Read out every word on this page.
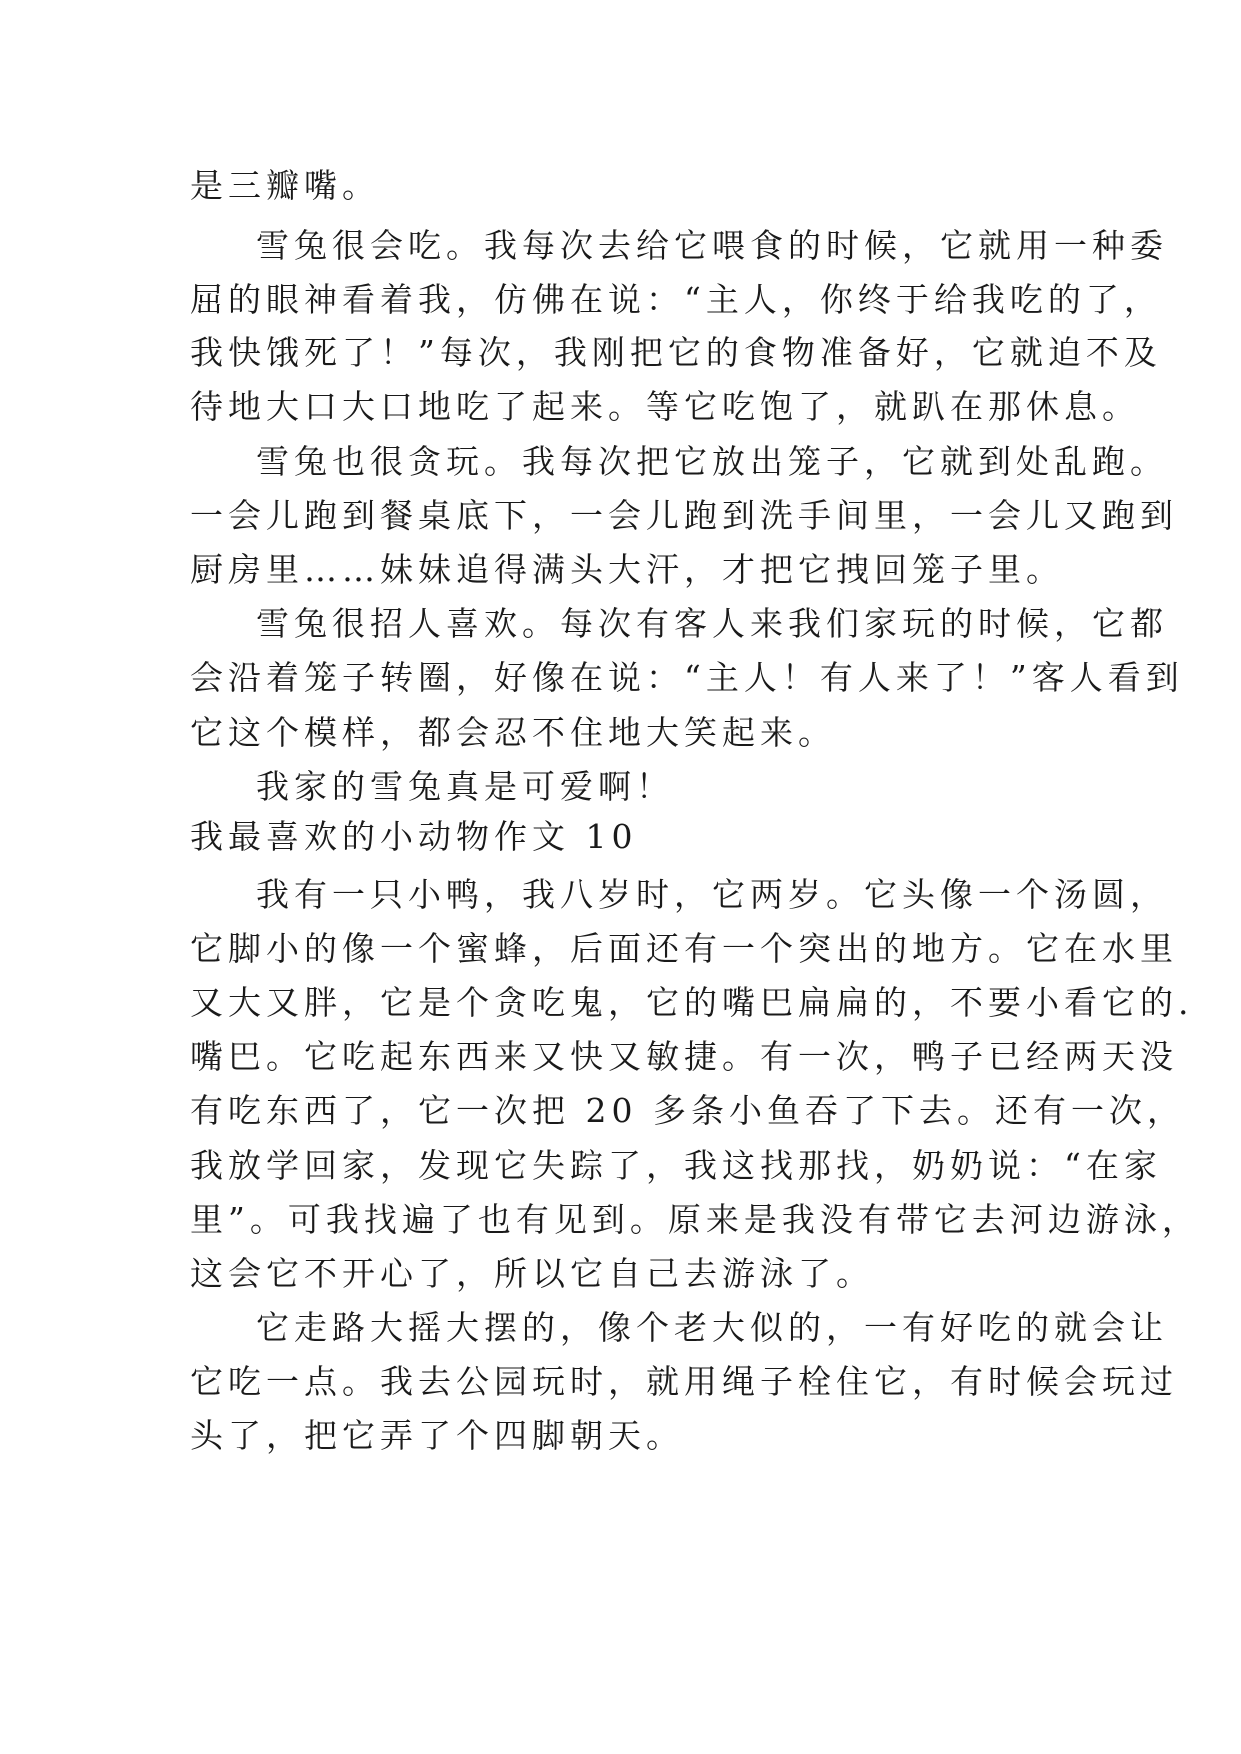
是三瓣嘴。
雪兔很会吃。我每次去给它喂食的时候，它就用一种委
屈的眼神看着我，仿佛在说：“主人，你终于给我吃的了，
我快饿死了！”每次，我刚把它的食物准备好，它就迫不及
待地大口大口地吃了起来。等它吃饱了，就趴在那休息。
雪兔也很贪玩。我每次把它放出笼子，它就到处乱跑。
一会儿跑到餐桌底下，一会儿跑到洗手间里，一会儿又跑到
厨房里……妹妹追得满头大汗，才把它拽回笼子里。
雪兔很招人喜欢。每次有客人来我们家玩的时候，它都
会沿着笼子转圈，好像在说：“主人！有人来了！”客人看到
它这个模样，都会忍不住地大笑起来。
我家的雪兔真是可爱啊！
我最喜欢的小动物作文 10
我有一只小鸭，我八岁时，它两岁。它头像一个汤圆，
它脚小的像一个蜜蜂，后面还有一个突出的地方。它在水里
又大又胖，它是个贪吃鬼，它的嘴巴扁扁的，不要小看它的.
嘴巴。它吃起东西来又快又敏捷。有一次，鸭子已经两天没
有吃东西了，它一次把 20 多条小鱼吞了下去。还有一次，
我放学回家，发现它失踪了，我这找那找，奶奶说：“在家
里”。可我找遍了也有见到。原来是我没有带它去河边游泳，
这会它不开心了，所以它自己去游泳了。
它走路大摇大摆的，像个老大似的，一有好吃的就会让
它吃一点。我去公园玩时，就用绳子栓住它，有时候会玩过
头了，把它弄了个四脚朝天。
